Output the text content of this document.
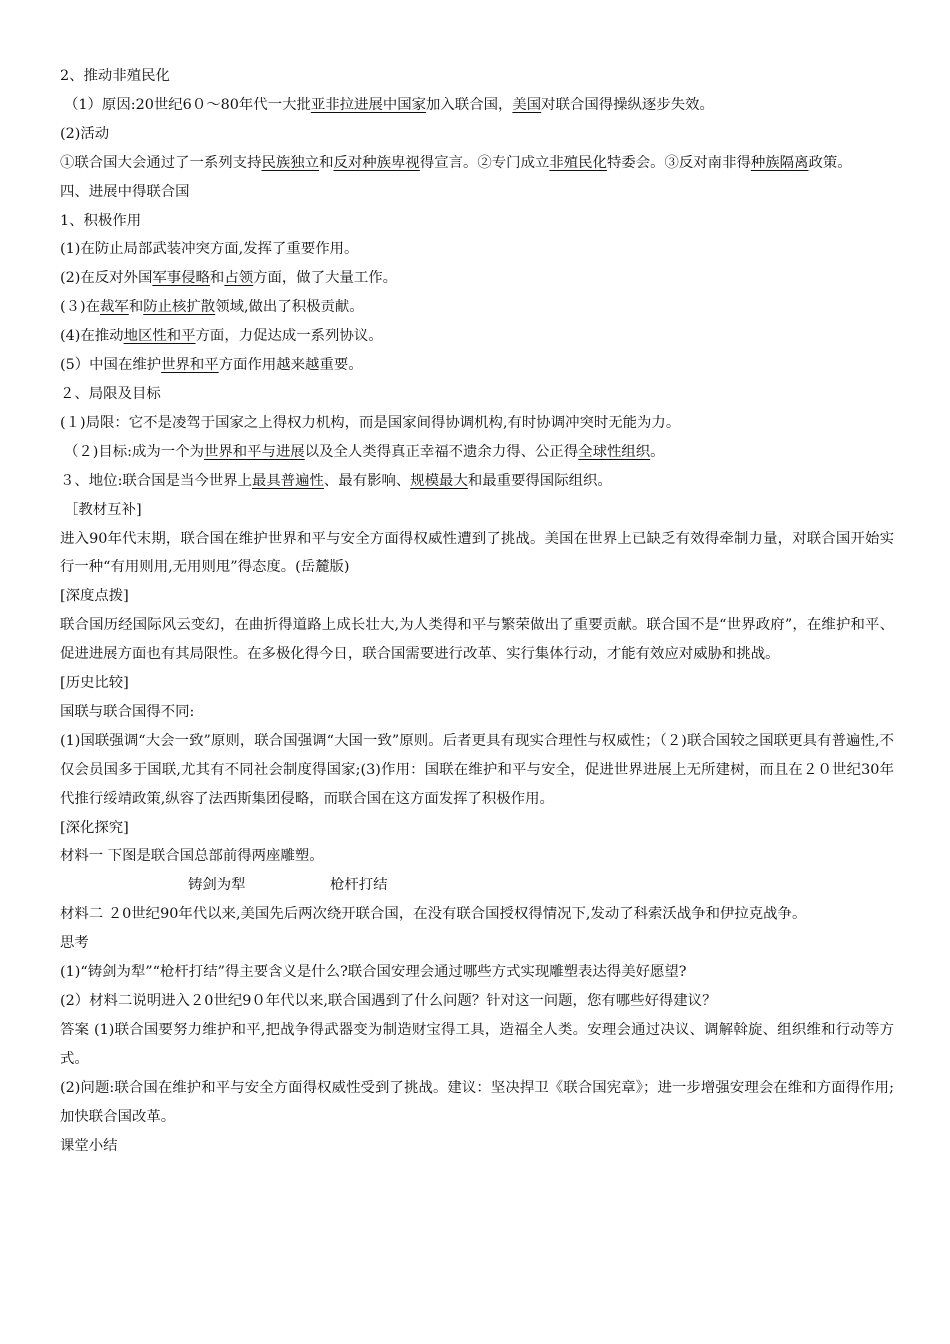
2、推动非殖民化

（1）原因:20世纪6０～80年代一大批亚非拉进展中国家加入联合国，美国对联合国得操纵逐步失效。

(2)活动

①联合国大会通过了一系列支持民族独立和反对种族卑视得宣言。②专门成立非殖民化特委会。③反对南非得种族隔离政策。

四、进展中得联合国

1、积极作用

(1)在防止局部武装冲突方面,发挥了重要作用。

(2)在反对外国军事侵略和占领方面，做了大量工作。

(３)在裁军和防止核扩散领域,做出了积极贡献。

(4)在推动地区性和平方面，力促达成一系列协议。

(5）中国在维护世界和平方面作用越来越重要。

２、局限及目标

(１)局限：它不是凌驾于国家之上得权力机构，而是国家间得协调机构,有时协调冲突时无能为力。

（２)目标:成为一个为世界和平与进展以及全人类得真正幸福不遗余力得、公正得全球性组织。

３、地位:联合国是当今世界上最具普遍性、最有影响、规模最大和最重要得国际组织。

［教材互补]

进入90年代末期，联合国在维护世界和平与安全方面得权威性遭到了挑战。美国在世界上已缺乏有效得牵制力量，对联合国开始实行一种“有用则用,无用则甩”得态度。(岳麓版)

[深度点拨]

联合国历经国际风云变幻，在曲折得道路上成长壮大,为人类得和平与繁荣做出了重要贡献。联合国不是“世界政府”，在维护和平、促进进展方面也有其局限性。在多极化得今日，联合国需要进行改革、实行集体行动，才能有效应对威胁和挑战。

[历史比较]

国联与联合国得不同:

(1)国联强调“大会一致”原则，联合国强调“大国一致”原则。后者更具有现实合理性与权威性；（２)联合国较之国联更具有普遍性,不仅会员国多于国联,尤其有不同社会制度得国家;(3)作用：国联在维护和平与安全，促进世界进展上无所建树，而且在２０世纪30年代推行绥靖政策,纵容了法西斯集团侵略，而联合国在这方面发挥了积极作用。

[深化探究]

材料一 下图是联合国总部前得两座雕塑。

铸剑为犁	枪杆打结

材料二 ２0世纪90年代以来,美国先后两次绕开联合国，在没有联合国授权得情况下,发动了科索沃战争和伊拉克战争。

思考

(1)“铸剑为犁”“枪杆打结”得主要含义是什么?联合国安理会通过哪些方式实现雕塑表达得美好愿望?

(2）材料二说明进入２0世纪9０年代以来,联合国遇到了什么问题？针对这一问题，您有哪些好得建议？

答案 (1)联合国要努力维护和平,把战争得武器变为制造财宝得工具，造福全人类。安理会通过决议、调解斡旋、组织维和行动等方式。

(2)问题:联合国在维护和平与安全方面得权威性受到了挑战。建议：坚决捍卫《联合国宪章》；进一步增强安理会在维和方面得作用;加快联合国改革。

课堂小结
